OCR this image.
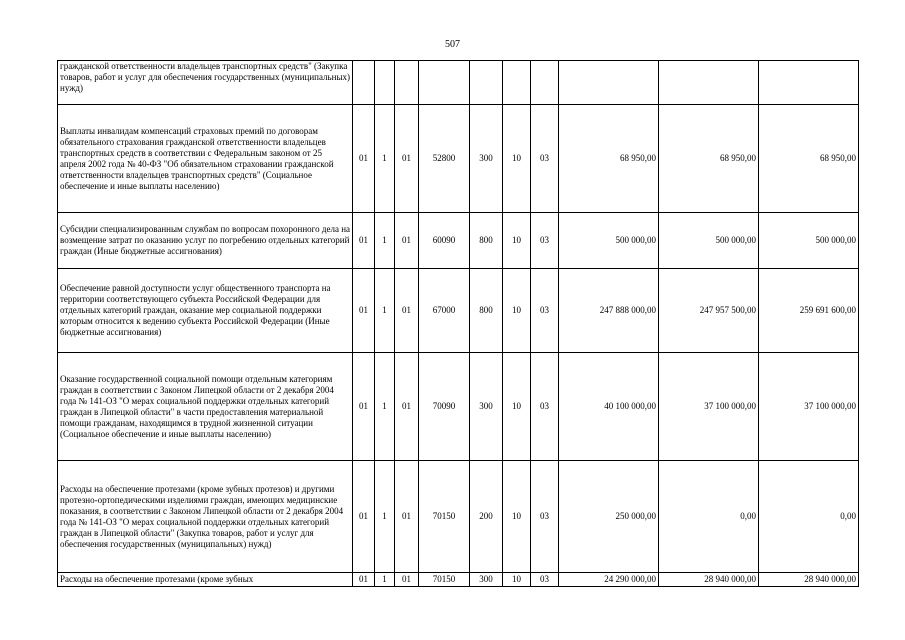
507
гражданской ответственности владельцев транспортных средств" (Закупка товаров, работ и услуг для обеспечения государственных (муниципальных) нужд)										
Выплаты инвалидам компенсаций страховых премий по договорам обязательного страхования гражданской ответственности владельцев транспортных средств в соответствии с Федеральным законом от 25 апреля 2002 года № 40-ФЗ "Об обязательном страховании гражданской ответственности владельцев транспортных средств" (Социальное обеспечение и иные выплаты населению)	01	1	01	52800	300	10	03	68 950,00	68 950,00	68 950,00
Субсидии специализированным службам по вопросам похоронного дела на возмещение затрат по оказанию услуг по погребению отдельных категорий граждан (Иные бюджетные ассигнования)	01	1	01	60090	800	10	03	500 000,00	500 000,00	500 000,00
Обеспечение равной доступности услуг общественного транспорта на территории соответствующего субъекта Российской Федерации для отдельных категорий граждан, оказание мер социальной поддержки которым относится к ведению субъекта Российской Федерации (Иные бюджетные ассигнования)	01	1	01	67000	800	10	03	247 888 000,00	247 957 500,00	259 691 600,00
Оказание государственной социальной помощи отдельным категориям граждан в соответствии с Законом Липецкой области от 2 декабря 2004 года № 141-ОЗ "О мерах социальной поддержки отдельных категорий граждан в Липецкой области" в части предоставления материальной помощи гражданам, находящимся в трудной жизненной ситуации (Социальное обеспечение и иные выплаты населению)	01	1	01	70090	300	10	03	40 100 000,00	37 100 000,00	37 100 000,00
Расходы на обеспечение протезами (кроме зубных протезов) и другими протезно-ортопедическими изделиями граждан, имеющих медицинские показания, в соответствии с Законом Липецкой области от 2 декабря 2004 года № 141-ОЗ "О мерах социальной поддержки отдельных категорий граждан в Липецкой области" (Закупка товаров, работ и услуг для обеспечения государственных (муниципальных) нужд)	01	1	01	70150	200	10	03	250 000,00	0,00	0,00
Расходы на обеспечение протезами (кроме зубных	01	1	01	70150	300	10	03	24 290 000,00	28 940 000,00	28 940 000,00
